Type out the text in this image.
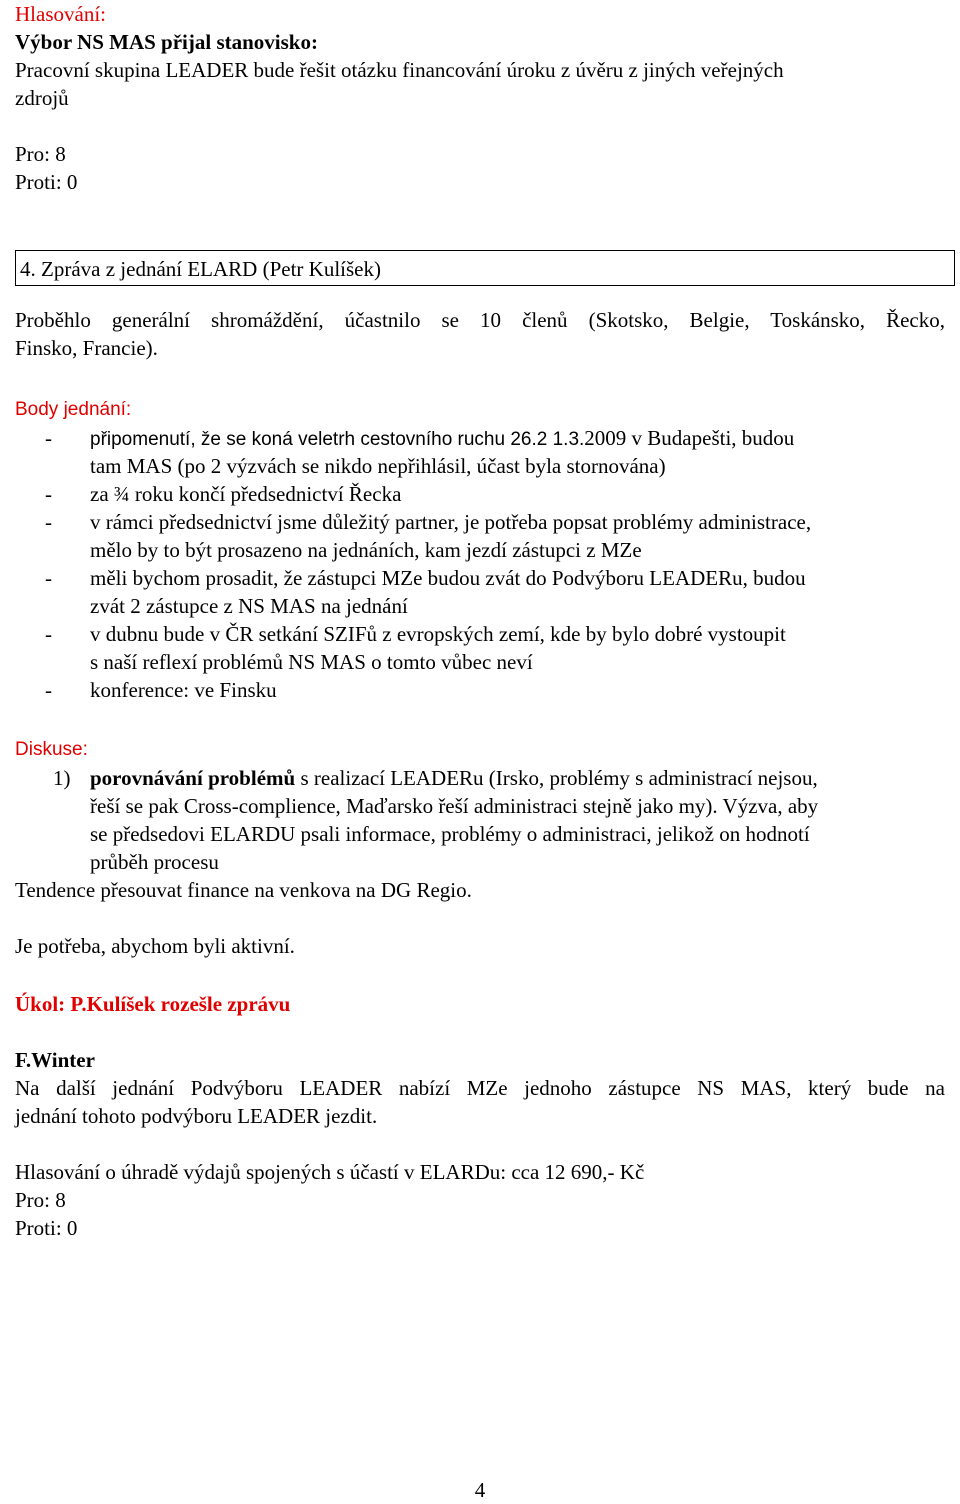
Hlasování:
Výbor NS MAS přijal stanovisko:
Pracovní skupina LEADER bude řešit otázku financování úroku z úvěru z jiných veřejných
zdrojů
Pro: 8
Proti: 0
4. Zpráva z jednání ELARD (Petr Kulíšek)
Proběhlo generální shromáždění, účastnilo se 10 členů (Skotsko, Belgie, Toskánsko, Řecko,
Finsko, Francie).
Body jednání:
- připomenutí, že se koná veletrh cestovního ruchu 26.2 1.3.2009 v Budapešti, budou
tam MAS (po 2 výzvách se nikdo nepřihlásil, účast byla stornována)
- za ¾ roku končí předsednictví Řecka
- v rámci předsednictví jsme důležitý partner, je potřeba popsat problémy administrace,
mělo by to být prosazeno na jednáních, kam jezdí zástupci z MZe
- měli bychom prosadit, že zástupci MZe budou zvát do Podvýboru LEADERu, budou
zvát 2 zástupce z NS MAS na jednání
- v dubnu bude v ČR setkání SZIFů z evropských zemí, kde by bylo dobré vystoupit
s naší reflexí problémů NS MAS o tomto vůbec neví
- konference: ve Finsku
Diskuse:
1) porovnávání problémů s realizací LEADERu (Irsko, problémy s administrací nejsou,
řeší se pak Cross-complience, Maďarsko řeší administraci stejně jako my). Výzva, aby
se předsedovi ELARDU psali informace, problémy o administraci, jelikož on hodnotí
průběh procesu
Tendence přesouvat finance na venkova na DG Regio.
Je potřeba, abychom byli aktivní.
Úkol: P.Kulíšek rozešle zprávu
F.Winter
Na další jednání Podvýboru LEADER nabízí MZe jednoho zástupce NS MAS, který bude na
jednání tohoto podvýboru LEADER jezdit.
Hlasování o úhradě výdajů spojených s účastí v ELARDu: cca 12 690,- Kč
Pro: 8
Proti: 0
4
